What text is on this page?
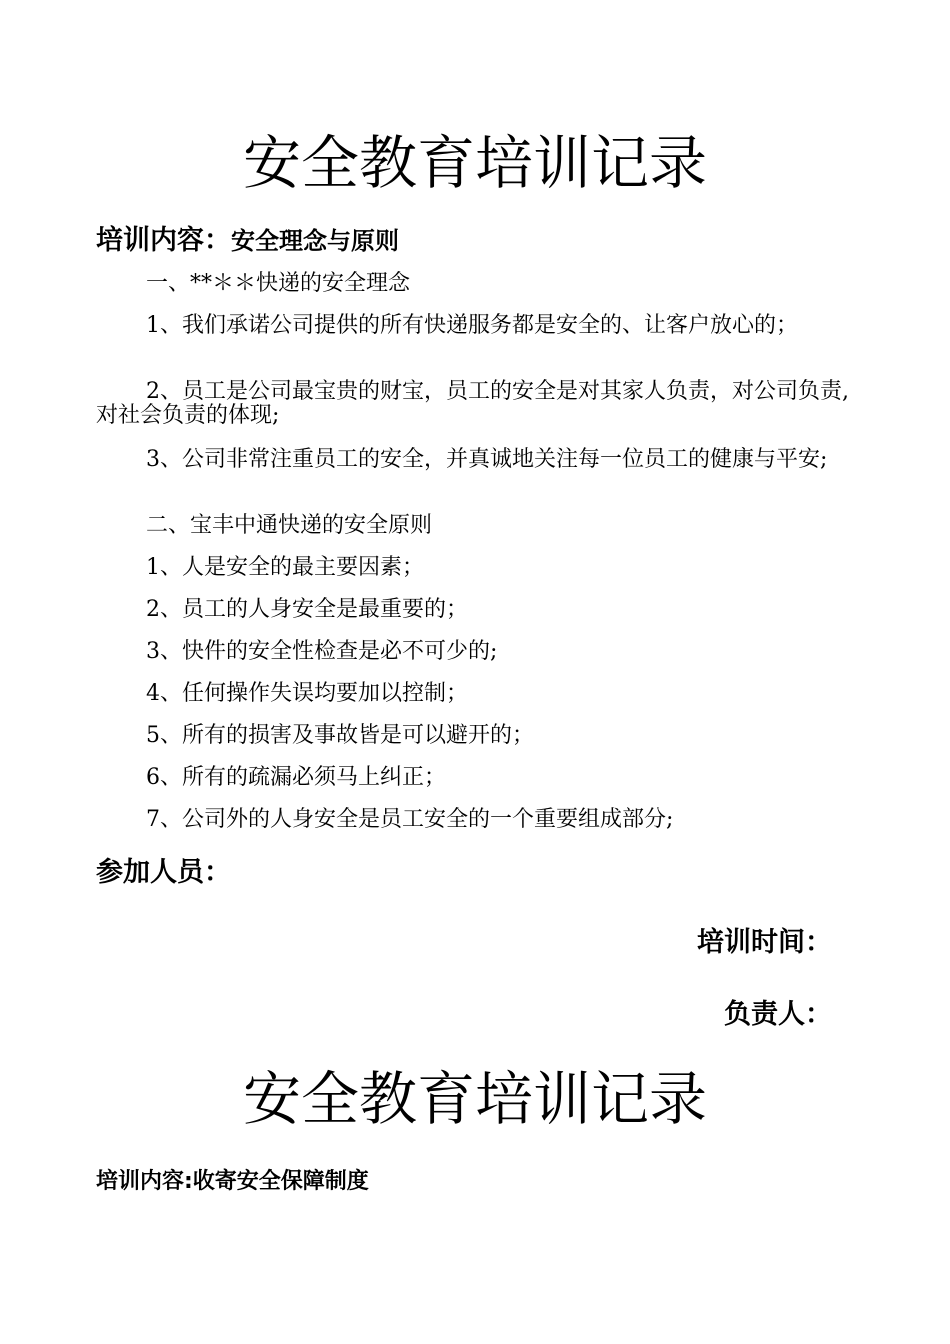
安全教育培训记录
培训内容：安全理念与原则

一、**＊＊快递的安全理念

1、我们承诺公司提供的所有快递服务都是安全的、让客户放心的；

2、员工是公司最宝贵的财宝，员工的安全是对其家人负责，对公司负责,对社会负责的体现;

3、公司非常注重员工的安全，并真诚地关注每一位员工的健康与平安;

二、宝丰中通快递的安全原则

1、人是安全的最主要因素；

2、员工的人身安全是最重要的；

3、快件的安全性检查是必不可少的;

4、任何操作失误均要加以控制；

5、所有的损害及事故皆是可以避开的；

6、所有的疏漏必须马上纠正；

7、公司外的人身安全是员工安全的一个重要组成部分;

参加人员：
培训时间：
负责人：
安全教育培训记录
培训内容:收寄安全保障制度
